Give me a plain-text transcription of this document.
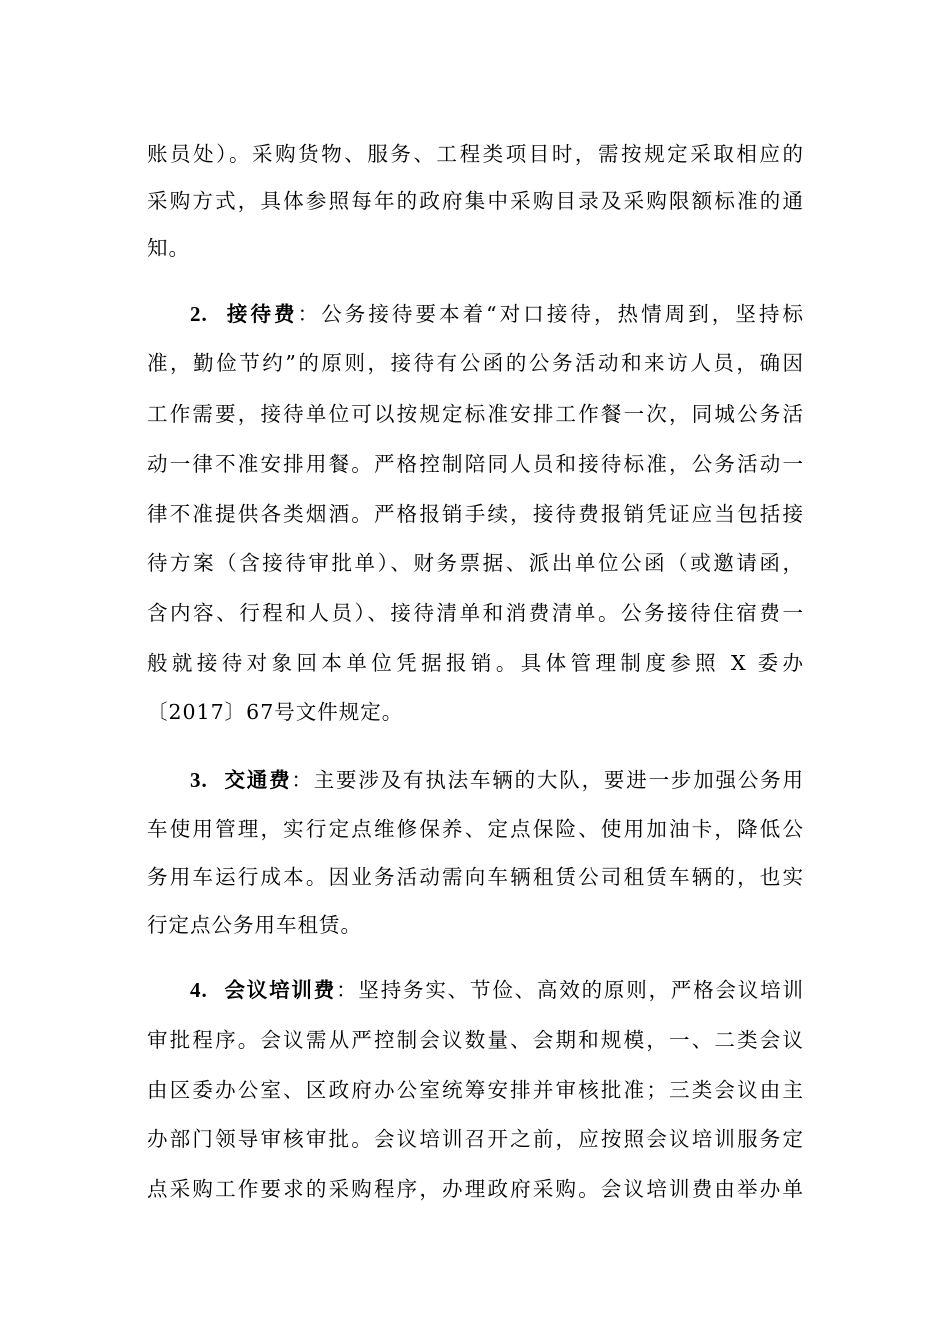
账员处）。采购货物、服务、工程类项目时，需按规定采取相应的
采购方式，具体参照每年的政府集中采购目录及采购限额标准的通
知。
2. 接待费：公务接待要本着“对口接待，热情周到，坚持标
准，勤俭节约”的原则，接待有公函的公务活动和来访人员，确因
工作需要，接待单位可以按规定标准安排工作餐一次，同城公务活
动一律不准安排用餐。严格控制陪同人员和接待标准，公务活动一
律不准提供各类烟酒。严格报销手续，接待费报销凭证应当包括接
待方案（含接待审批单）、财务票据、派出单位公函（或邀请函，
含内容、行程和人员）、接待清单和消费清单。公务接待住宿费一
般就接待对象回本单位凭据报销。具体管理制度参照 X 委办
〔2017〕67号文件规定。
3. 交通费：主要涉及有执法车辆的大队，要进一步加强公务用
车使用管理，实行定点维修保养、定点保险、使用加油卡，降低公
务用车运行成本。因业务活动需向车辆租赁公司租赁车辆的，也实
行定点公务用车租赁。
4. 会议培训费：坚持务实、节俭、高效的原则，严格会议培训
审批程序。会议需从严控制会议数量、会期和规模，一、二类会议
由区委办公室、区政府办公室统筹安排并审核批准；三类会议由主
办部门领导审核审批。会议培训召开之前，应按照会议培训服务定
点采购工作要求的采购程序，办理政府采购。会议培训费由举办单
